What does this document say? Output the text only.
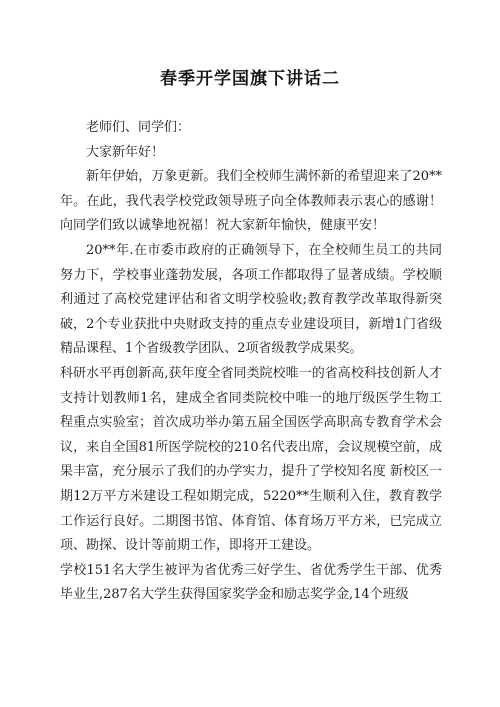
春季开学国旗下讲话二

老师们、同学们：

大家新年好！

新年伊始，万象更新。我们全校师生满怀新的希望迎来了20**年。在此，我代表学校党政领导班子向全体教师表示衷心的感谢！向同学们致以诚挚地祝福！祝大家新年愉快，健康平安！

20**年.在市委市政府的正确领导下，在全校师生员工的共同努力下，学校事业蓬勃发展，各项工作都取得了显著成绩。学校顺利通过了高校党建评估和省文明学校验收;教育教学改革取得新突破，2个专业获批中央财政支持的重点专业建设项目，新增1门省级精品课程、1个省级教学团队、2项省级教学成果奖。

科研水平再创新高,获年度全省同类院校唯一的省高校科技创新人才支持计划教师1名，建成全省同类院校中唯一的地厅级医学生物工程重点实验室；首次成功举办第五届全国医学高职高专教育学术会议，来自全国81所医学院校的210名代表出席，会议规模空前，成果丰富，充分展示了我们的办学实力，提升了学校知名度 新校区一期12万平方米建设工程如期完成，5220**生顺利入住，教育教学工作运行良好。二期图书馆、体育馆、体育场万平方米，已完成立项、勘探、设计等前期工作，即将开工建设。

学校151名大学生被评为省优秀三好学生、省优秀学生干部、优秀毕业生,287名大学生获得国家奖学金和励志奖学金,14个班级
